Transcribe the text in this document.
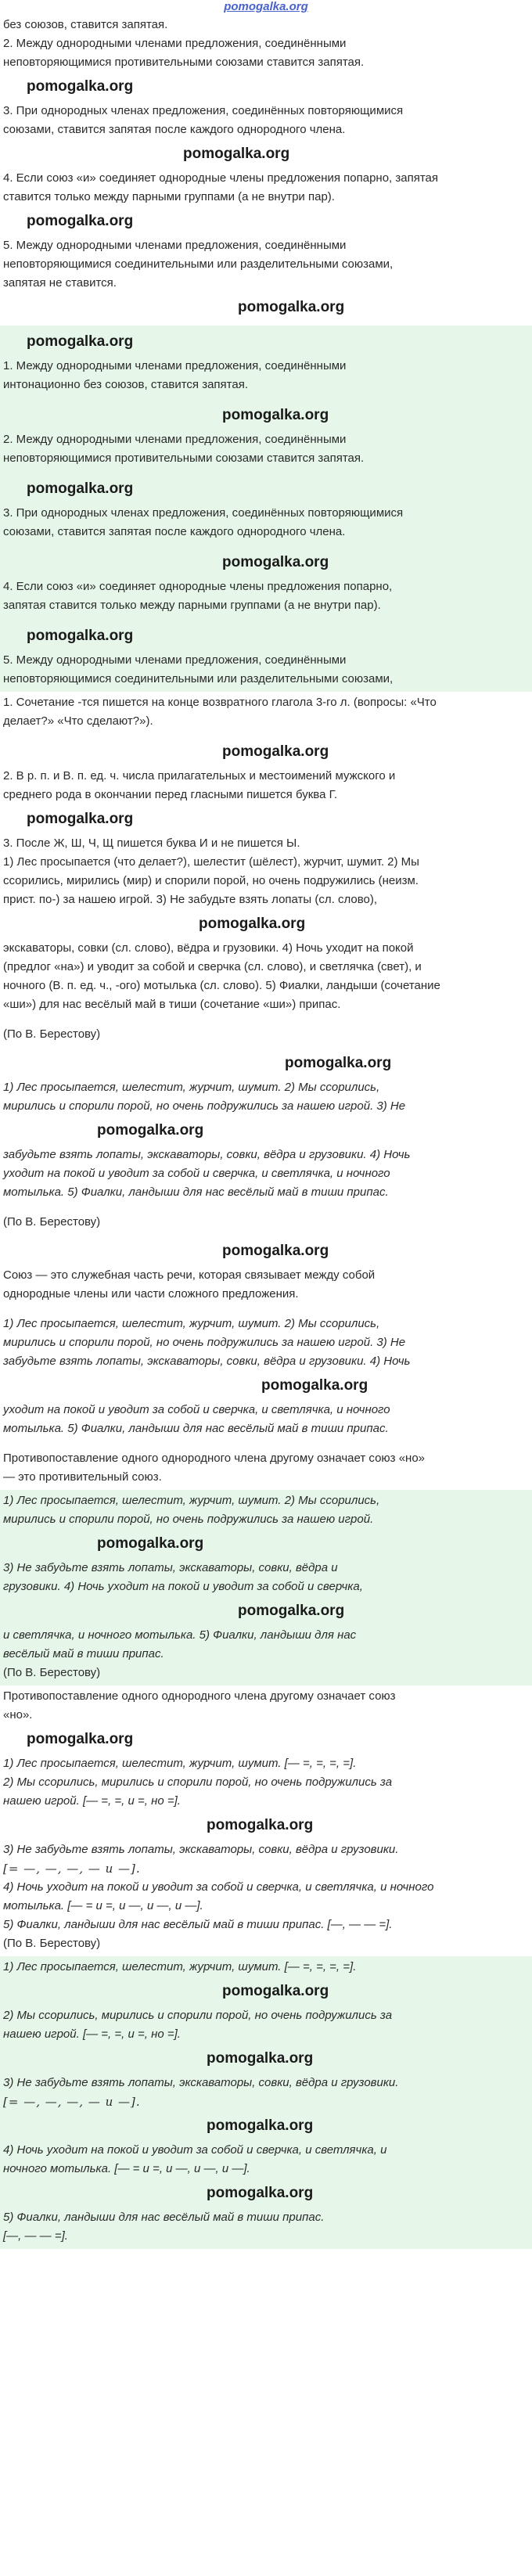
pomogalka.org

без союзов, ставится запятая.

2. Между однородными членами предложения, соединёнными

неповторяющимися противительными союзами ставится запятая.

pomogalka.org

3. При однородных членах предложения, соединённых повторяющимися

союзами, ставится запятая после каждого однородного члена.

pomogalka.org

4. Если союз «и» соединяет однородные члены предложения попарно, запятая

ставится только между парными группами (а не внутри пар).

pomogalka.org

5. Между однородными членами предложения, соединёнными

неповторяющимися соединительными или разделительными союзами,

запятая не ставится.

pomogalka.org
pomogalka.org

1. Между однородными членами предложения, соединёнными

интонационно без союзов, ставится запятая.

pomogalka.org

2. Между однородными членами предложения, соединёнными

неповторяющимися противительными союзами ставится запятая.

pomogalka.org

3. При однородных членах предложения, соединённых повторяющимися

союзами, ставится запятая после каждого однородного члена.

pomogalka.org

4. Если союз «и» соединяет однородные члены предложения попарно,

запятая ставится только между парными группами (а не внутри пар).

pomogalka.org

5. Между однородными членами предложения, соединёнными

неповторяющимися соединительными или разделительными союзами,

1. Сочетание -тся пишется на конце возвратного глагола 3-го л. (вопросы: «Что

делает?» «Что сделают?»).

pomogalka.org

2. В р. п. и В. п. ед. ч. числа прилагательных и местоимений мужского и

среднего рода в окончании перед гласными пишется буква Г.

pomogalka.org

3. После Ж, Ш, Ч, Щ пишется буква И и не пишется Ы.

1) Лес просыпается (что делает?), шелестит (шёлест), журчит, шумит. 2) Мы

ссорились, мирились (мир) и спорили порой, но очень подружились (неизм.

прист. по-) за нашею игрой. 3) Не забудьте взять лопаты (сл. слово),

pomogalka.org

экскаваторы, совки (сл. слово), вёдра и грузовики. 4) Ночь уходит на покой

(предлог «на») и уводит за собой и сверчка (сл. слово), и светлячка (свет), и

ночного (В. п. ед. ч., -ого) мотылька (сл. слово). 5) Фиалки, ландыши (сочетание

«ши») для нас весёлый май в тиши (сочетание «ши») припас.

(По В. Берестову)

pomogalka.org

1) Лес просыпается, шелестит, журчит, шумит. 2) Мы ссорились,

мирились и спорили порой, но очень подружились за нашею игрой. 3) Не

pomogalka.org

забудьте взять лопаты, экскаваторы, совки, вёдра и грузовики. 4) Ночь

уходит на покой и уводит за собой и сверчка, и светлячка, и ночного

мотылька. 5) Фиалки, ландыши для нас весёлый май в тиши припас.

(По В. Берестову)

pomogalka.org

Союз — это служебная часть речи, которая связывает между собой

однородные члены или части сложного предложения.

1) Лес просыпается, шелестит, журчит, шумит. 2) Мы ссорились,

мирились и спорили порой, но очень подружились за нашею игрой. 3) Не

забудьте взять лопаты, экскаваторы, совки, вёдра и грузовики. 4) Ночь

pomogalka.org

уходит на покой и уводит за собой и сверчка, и светлячка, и ночного

мотылька. 5) Фиалки, ландыши для нас весёлый май в тиши припас.

Противопоставление одного однородного члена другому означает союз «но»

— это противительный союз.

1) Лес просыпается, шелестит, журчит, шумит. 2) Мы ссорились,

мирились и спорили порой, но очень подружились за нашею игрой.

pomogalka.org

3) Не забудьте взять лопаты, экскаваторы, совки, вёдра и

грузовики. 4) Ночь уходит на покой и уводит за собой и сверчка,

pomogalka.org

и светлячка, и ночного мотылька. 5) Фиалки, ландыши для нас

весёлый май в тиши припас.

(По В. Берестову)

Противопоставление одного однородного члена другому означает союз

«но».

pomogalka.org

1) Лес просыпается, шелестит, журчит, шумит. [— =, =, =, =].

2) Мы ссорились, мирились и спорили порой, но очень подружились за

нашею игрой. [— =, =, и =, но =].

pomogalka.org

3) Не забудьте взять лопаты, экскаваторы, совки, вёдра и грузовики.

[= —, —, —, — и —].

4) Ночь уходит на покой и уводит за собой и сверчка, и светлячка, и ночного

мотылька. [— = и =, и —, и —, и —].

5) Фиалки, ландыши для нас весёлый май в тиши припас. [—, — — =].

(По В. Берестову)

1) Лес просыпается, шелестит, журчит, шумит. [— =, =, =, =].

pomogalka.org

2) Мы ссорились, мирились и спорили порой, но очень подружились за

нашею игрой. [— =, =, и =, но =].

pomogalka.org

3) Не забудьте взять лопаты, экскаваторы, совки, вёдра и грузовики.

[= —, —, —, — и —].

pomogalka.org

4) Ночь уходит на покой и уводит за собой и сверчка, и светлячка, и

ночного мотылька. [— = и =, и —, и —, и —].

pomogalka.org

5) Фиалки, ландыши для нас весёлый май в тиши припас.

[—, — — =].
